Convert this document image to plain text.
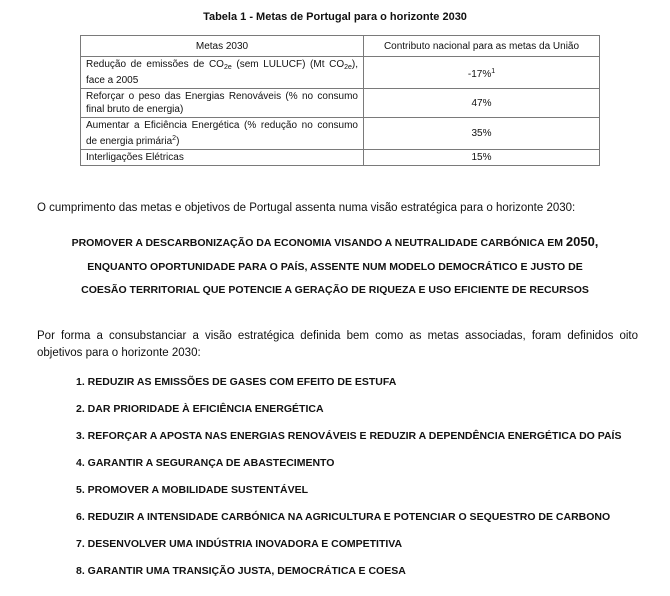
Tabela 1 - Metas de Portugal para o horizonte 2030
Metas 2030	Contributo nacional para as metas da União
Redução de emissões de $CO_{2e}$ (sem LULUCF) (Mt $CO_{2e}$), face a 2005	-17%$^1$
Reforçar o peso das Energias Renováveis (% no consumo final bruto de energia)	47%
Aumentar a Eficiência Energética (% redução no consumo de energia primária$^2$)	35%
Interligações Elétricas	15%
O cumprimento das metas e objetivos de Portugal assenta numa visão estratégica para o horizonte 2030:
PROMOVER A DESCARBONIZAÇÃO DA ECONOMIA VISANDO A NEUTRALIDADE CARBÓNICA EM 2050,
ENQUANTO OPORTUNIDADE PARA O PAÍS, ASSENTE NUM MODELO DEMOCRÁTICO E JUSTO DE
COESÃO TERRITORIAL QUE POTENCIE A GERAÇÃO DE RIQUEZA E USO EFICIENTE DE RECURSOS
Por forma a consubstanciar a visão estratégica definida bem como as metas associadas, foram definidos oito objetivos para o horizonte 2030:
1. REDUZIR AS EMISSÕES DE GASES COM EFEITO DE ESTUFA
2. DAR PRIORIDADE À EFICIÊNCIA ENERGÉTICA
3. REFORÇAR A APOSTA NAS ENERGIAS RENOVÁVEIS E REDUZIR A DEPENDÊNCIA ENERGÉTICA DO PAÍS
4. GARANTIR A SEGURANÇA DE ABASTECIMENTO
5. PROMOVER A MOBILIDADE SUSTENTÁVEL
6. REDUZIR A INTENSIDADE CARBÓNICA NA AGRICULTURA E POTENCIAR O SEQUESTRO DE CARBONO
7. DESENVOLVER UMA INDÚSTRIA INOVADORA E COMPETITIVA
8. GARANTIR UMA TRANSIÇÃO JUSTA, DEMOCRÁTICA E COESA
